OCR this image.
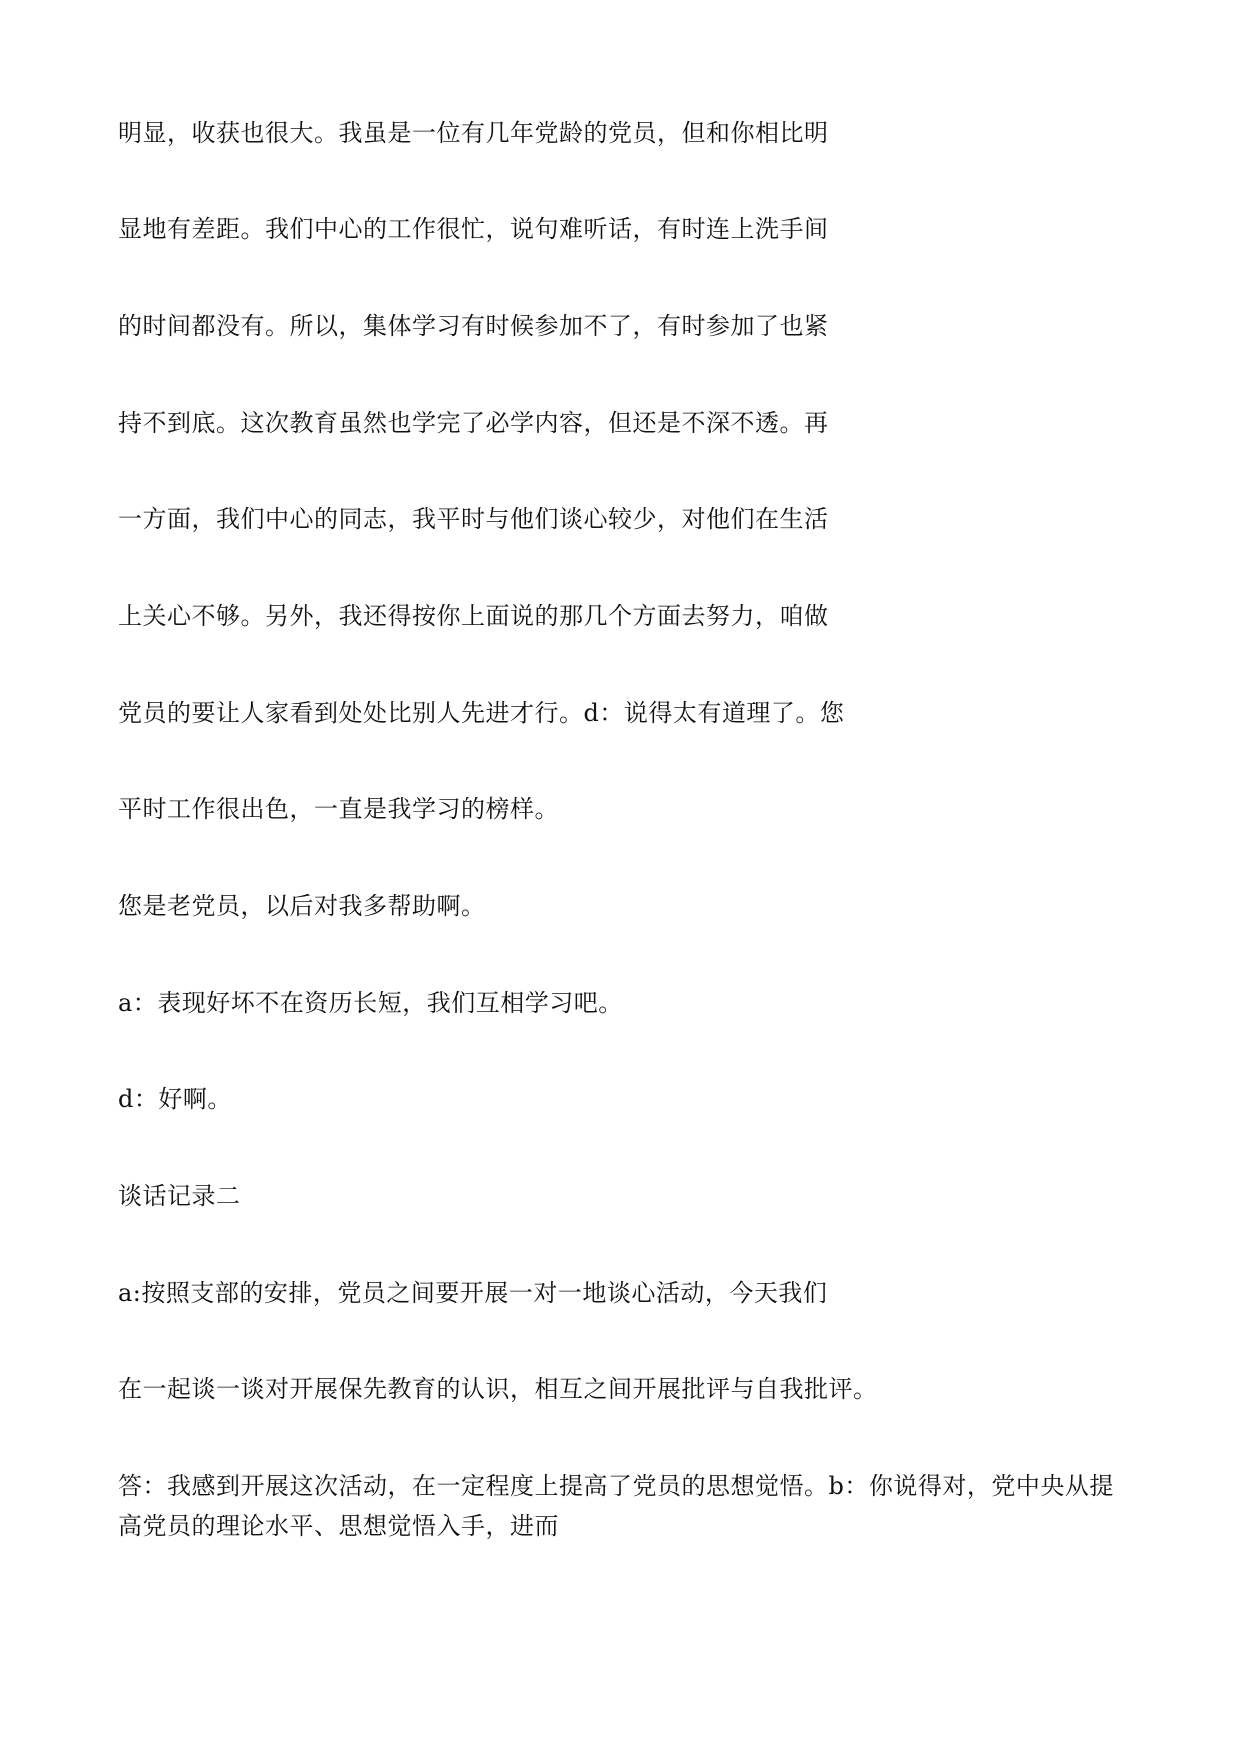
明显，收获也很大。我虽是一位有几年党龄的党员，但和你相比明
显地有差距。我们中心的工作很忙，说句难听话，有时连上洗手间
的时间都没有。所以，集体学习有时候参加不了，有时参加了也紧
持不到底。这次教育虽然也学完了必学内容，但还是不深不透。再
一方面，我们中心的同志，我平时与他们谈心较少，对他们在生活
上关心不够。另外，我还得按你上面说的那几个方面去努力，咱做
党员的要让人家看到处处比别人先进才行。d：说得太有道理了。您
平时工作很出色，一直是我学习的榜样。
您是老党员，以后对我多帮助啊。
a：表现好坏不在资历长短，我们互相学习吧。
d：好啊。
谈话记录二
a:按照支部的安排，党员之间要开展一对一地谈心活动，今天我们
在一起谈一谈对开展保先教育的认识，相互之间开展批评与自我批评。
答：我感到开展这次活动，在一定程度上提高了党员的思想觉悟。b：你说得对，党中央从提
高党员的理论水平、思想觉悟入手，进而
